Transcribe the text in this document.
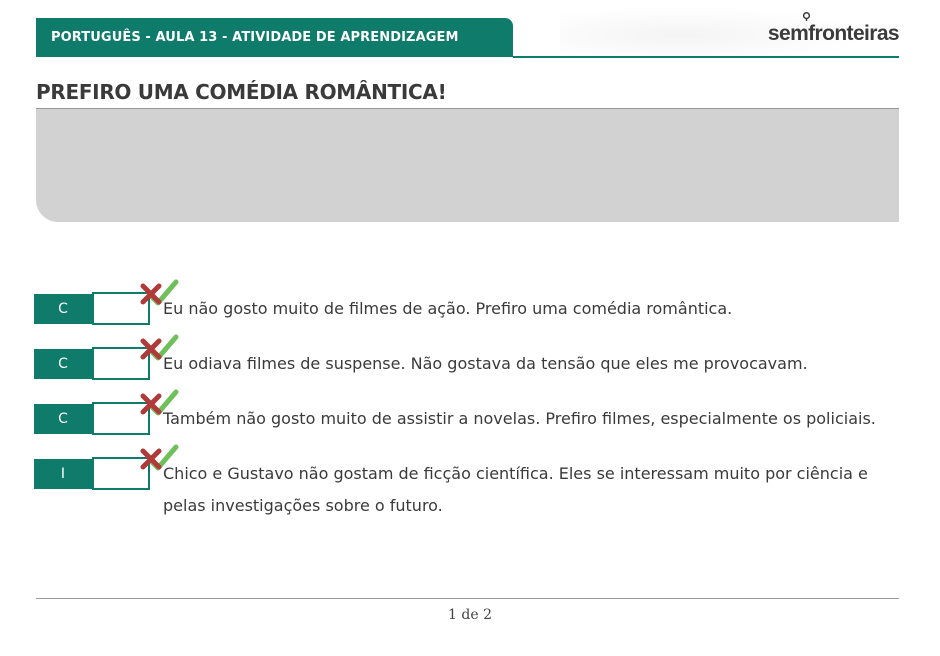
PORTUGUÊS - AULA 13 - ATIVIDADE DE APRENDIZAGEM	semfronteiras
PREFIRO UMA COMÉDIA ROMÂNTICA!
C	Eu não gosto muito de filmes de ação. Prefiro uma comédia romântica.
C	Eu odiava filmes de suspense. Não gostava da tensão que eles me provocavam.
C	Também não gosto muito de assistir a novelas. Prefiro filmes, especialmente os policiais.
I	Chico e Gustavo não gostam de ficção científica. Eles se interessam muito por ciência e pelas investigações sobre o futuro.
1 de 2
